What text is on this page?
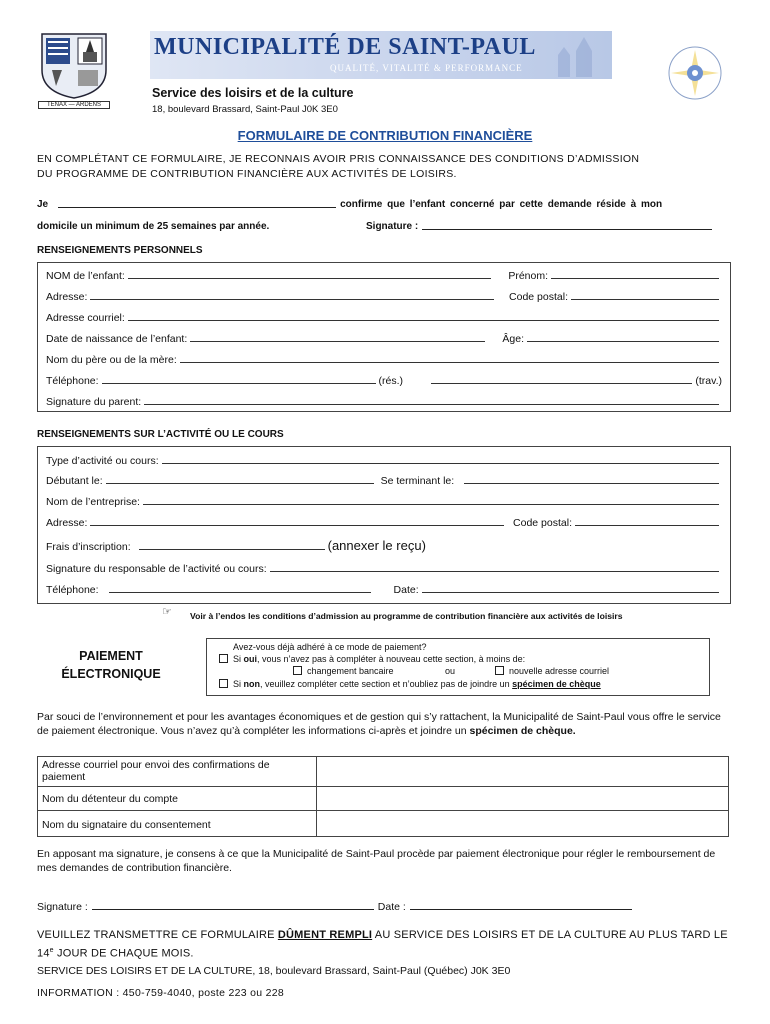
TENAX — ARDENS
MUNICIPALITÉ DE SAINT-PAUL
QUALITÉ, VITALITÉ & PERFORMANCE
Service des loisirs et de la culture
18, boulevard Brassard, Saint-Paul J0K 3E0
FORMULAIRE DE CONTRIBUTION FINANCIÈRE
EN COMPLÉTANT CE FORMULAIRE, JE RECONNAIS AVOIR PRIS CONNAISSANCE DES CONDITIONS D’ADMISSION
DU PROGRAMME DE CONTRIBUTION FINANCIÈRE AUX ACTIVITÉS DE LOISIRS.
Je	confirme que l’enfant concerné par cette demande réside à mon
domicile un minimum de 25 semaines par année.	Signature :
RENSEIGNEMENTS PERSONNELS
NOM de l’enfant:	Prénom:
Adresse:	Code postal:
Adresse courriel:
Date de naissance de l’enfant:	Âge:
Nom du père ou de la mère:
Téléphone:	(rés.)	(trav.)
Signature du parent:
RENSEIGNEMENTS SUR L’ACTIVITÉ OU LE COURS
Type d’activité ou cours:
Débutant le:	Se terminant le:
Nom de l’entreprise:
Adresse:	Code postal:
Frais d’inscription:	(annexer le reçu)
Signature du responsable de l’activité ou cours:
Téléphone:	Date:
☞ Voir à l’endos les conditions d’admission au programme de contribution financière aux activités de loisirs
PAIEMENT
ÉLECTRONIQUE
Avez-vous déjà adhéré à ce mode de paiement?
Si oui, vous n’avez pas à compléter à nouveau cette section, à moins de:
changement bancaire	ou	nouvelle adresse courriel
Si non, veuillez compléter cette section et n’oubliez pas de joindre un spécimen de chèque
Par souci de l’environnement et pour les avantages économiques et de gestion qui s’y rattachent, la Municipalité de Saint-Paul vous offre le service de paiement électronique. Vous n’avez qu’à compléter les informations ci-après et joindre un spécimen de chèque.
Adresse courriel pour envoi des confirmations de paiement	
Nom du détenteur du compte	
Nom du signataire du consentement	
En apposant ma signature, je consens à ce que la Municipalité de Saint-Paul procède par paiement électronique pour régler le remboursement de mes demandes de contribution financière.
Signature :	Date :
VEUILLEZ TRANSMETTRE CE FORMULAIRE DÛMENT REMPLI AU SERVICE DES LOISIRS ET DE LA CULTURE AU PLUS TARD LE 14e JOUR DE CHAQUE MOIS.
SERVICE DES LOISIRS ET DE LA CULTURE, 18, boulevard Brassard, Saint-Paul (Québec) J0K 3E0
INFORMATION : 450-759-4040, poste 223 ou 228
